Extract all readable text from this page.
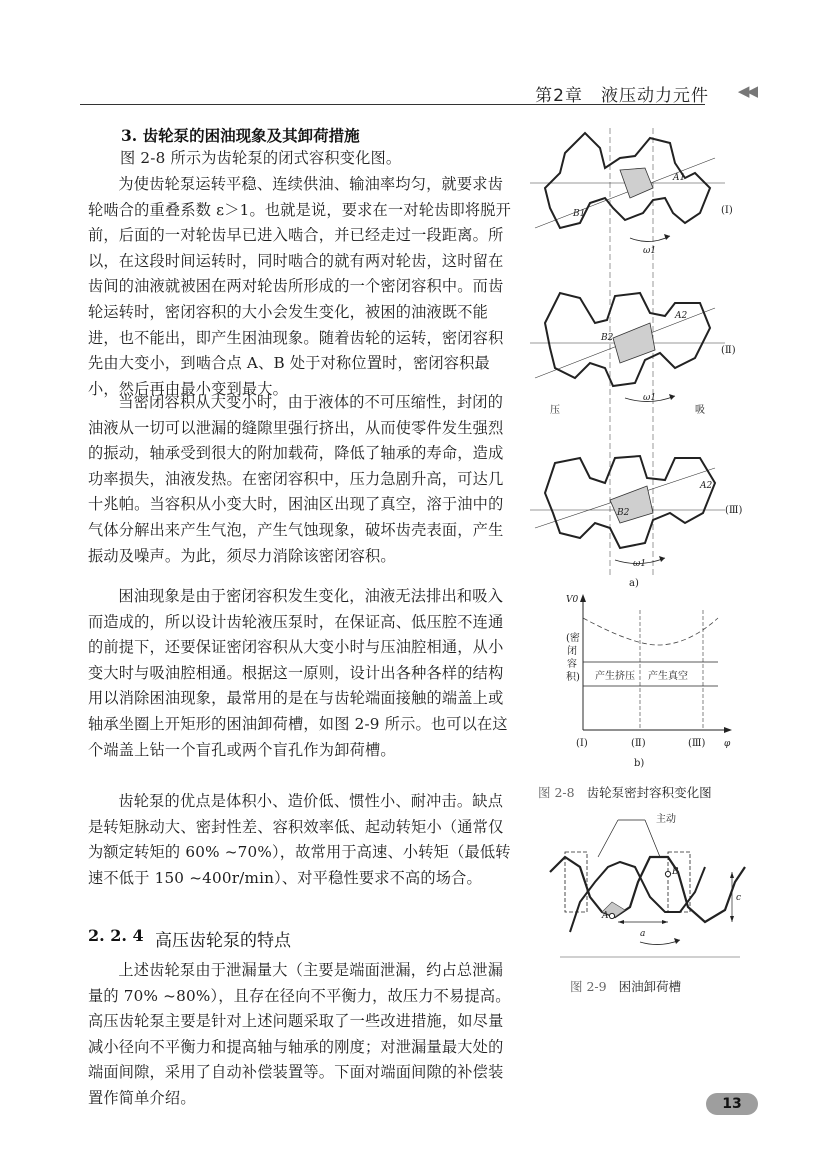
第2章　液压动力元件 ◀◀
3. 齿轮泵的困油现象及其卸荷措施

图 2-8 所示为齿轮泵的闭式容积变化图。

为使齿轮泵运转平稳、连续供油、输油率均匀，就要求齿轮啮合的重叠系数 ε＞1。也就是说，要求在一对轮齿即将脱开前，后面的一对轮齿早已进入啮合，并已经走过一段距离。所以，在这段时间运转时，同时啮合的就有两对轮齿，这时留在齿间的油液就被困在两对轮齿所形成的一个密闭容积中。而齿轮运转时，密闭容积的大小会发生变化，被困的油液既不能进，也不能出，即产生困油现象。随着齿轮的运转，密闭容积先由大变小，到啮合点 A、B 处于对称位置时，密闭容积最小，然后再由最小变到最大。

当密闭容积从大变小时，由于液体的不可压缩性，封闭的油液从一切可以泄漏的缝隙里强行挤出，从而使零件发生强烈的振动，轴承受到很大的附加载荷，降低了轴承的寿命，造成功率损失，油液发热。在密闭容积中，压力急剧升高，可达几十兆帕。当容积从小变大时，困油区出现了真空，溶于油中的气体分解出来产生气泡，产生气蚀现象，破坏齿壳表面，产生振动及噪声。为此，须尽力消除该密闭容积。

困油现象是由于密闭容积发生变化，油液无法排出和吸入而造成的，所以设计齿轮液压泵时，在保证高、低压腔不连通的前提下，还要保证密闭容积从大变小时与压油腔相通，从小变大时与吸油腔相通。根据这一原则，设计出各种各样的结构用以消除困油现象，最常用的是在与齿轮端面接触的端盖上或轴承坐圈上开矩形的困油卸荷槽，如图 2-9 所示。也可以在这个端盖上钻一个盲孔或两个盲孔作为卸荷槽。

齿轮泵的优点是体积小、造价低、惯性小、耐冲击。缺点是转矩脉动大、密封性差、容积效率低、起动转矩小（通常仅为额定转矩的 60% ~70%），故常用于高速、小转矩（最低转速不低于 150 ~400r/min）、对平稳性要求不高的场合。

2. 2. 4 高压齿轮泵的特点

上述齿轮泵由于泄漏量大（主要是端面泄漏，约占总泄漏量的 70% ~80%），且存在径向不平衡力，故压力不易提高。高压齿轮泵主要是针对上述问题采取了一些改进措施，如尽量减小径向不平衡力和提高轴与轴承的刚度；对泄漏量最大处的端面间隙，采用了自动补偿装置等。下面对端面间隙的补偿装置作简单介绍。

A1
B1
ω1
(Ⅰ)
A2
B2
ω1
(Ⅱ)
压	吸
A2
B2
ω1
(Ⅲ)
a)
V0
产生挤压 产生真空
(Ⅰ)	(Ⅱ)	(Ⅲ) φ
b)
(密闭容积)
图 2-8 齿轮泵密封容积变化图
主动
A
B
a
c
图 2-9 困油卸荷槽
13
